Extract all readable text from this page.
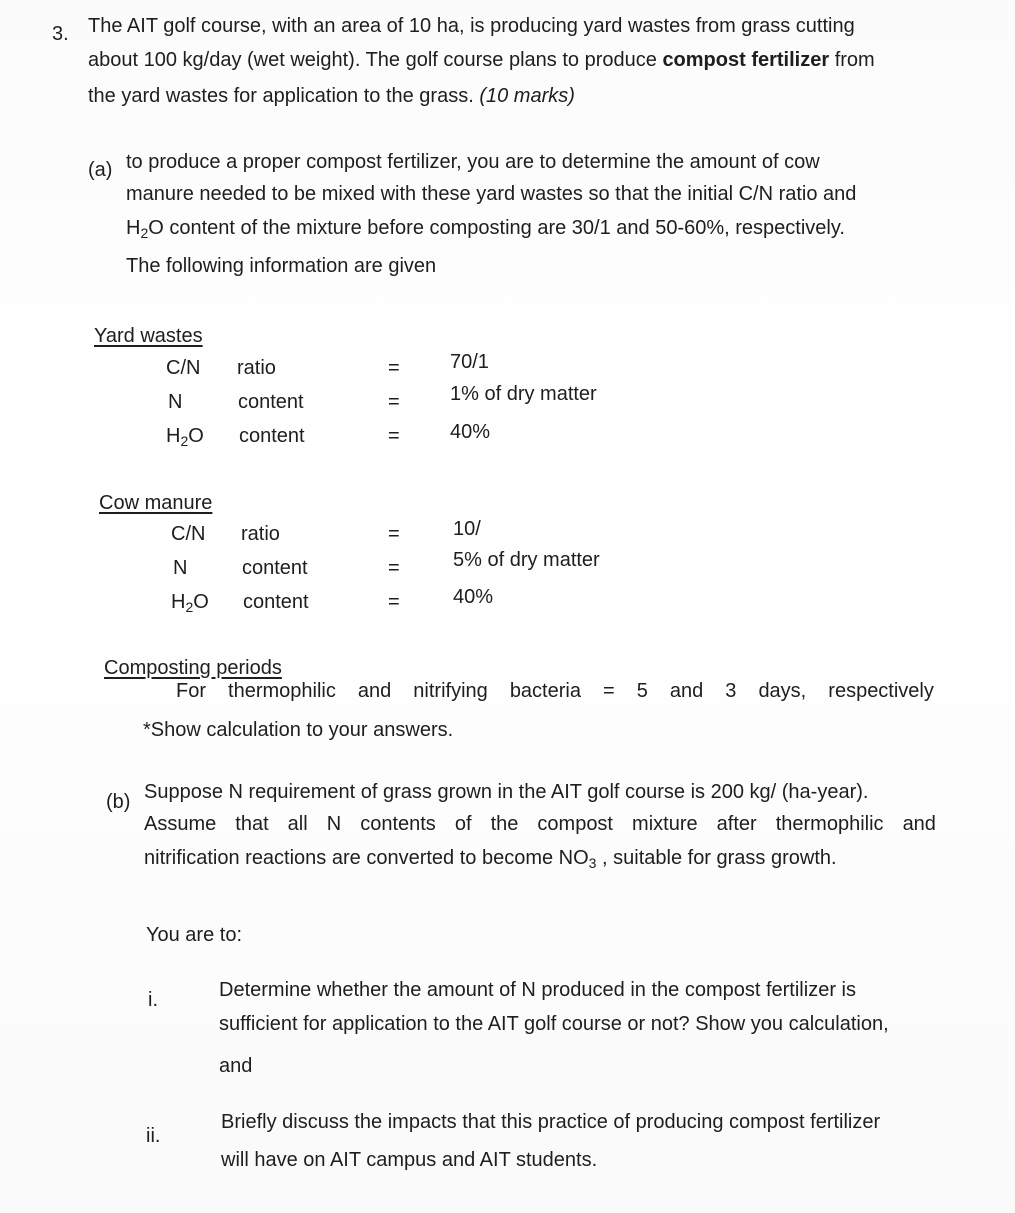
3. The AIT golf course, with an area of 10 ha, is producing yard wastes from grass cutting
about 100 kg/day (wet weight). The golf course plans to produce compost fertilizer from
the yard wastes for application to the grass. (10 marks)
(a) to produce a proper compost fertilizer, you are to determine the amount of cow
manure needed to be mixed with these yard wastes so that the initial C/N ratio and
$H_2O$ content of the mixture before composting are 30/1 and 50-60%, respectively.
The following information are given
Yard wastes
C/N ratio	=	70/1
N	content	=	1% of dry matter
$H_2O$ content	=	40%
Cow manure
C/N ratio	=	10/
N	content	=	5% of dry matter
$H_2O$ content	=	40%
Composting periods
For thermophilic and nitrifying bacteria = 5 and 3 days, respectively
*Show calculation to your answers.
(b) Suppose N requirement of grass grown in the AIT golf course is 200 kg/ (ha-year).
Assume that all N contents of the compost mixture after thermophilic and
nitrification reactions are converted to become $NO_3$ , suitable for grass growth.
You are to:
i.	Determine whether the amount of N produced in the compost fertilizer is
sufficient for application to the AIT golf course or not? Show you calculation,
and
ii.
Briefly discuss the impacts that this practice of producing compost fertilizer
will have on AIT campus and AIT students.
